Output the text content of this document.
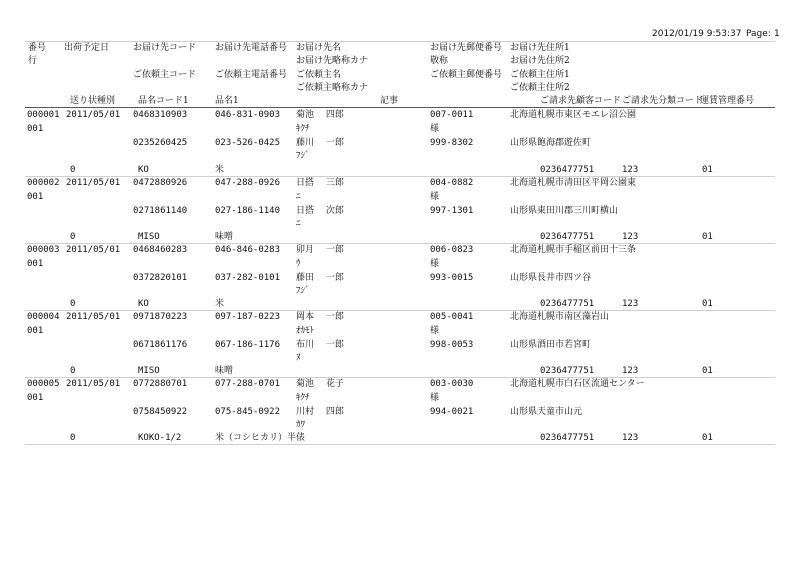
2012/01/19 9:53:37 Page: 1
番号 出荷予定日	お届け先コード お届け先電話番号 お届け先名	お届け先郵便番号 お届け先住所1
行	お届け先略称カナ	敬称	お届け先住所2
ご依頼主コード ご依頼主電話番号 ご依頼主名	ご依頼主郵便番号 ご依頼主住所1
ご依頼主略称カナ	ご依頼主住所2
送り状種別	品名コード1	品名1	記事	ご請求先顧客コード ご請求先分類コード
運賃管理番号
000001 2011/05/01 0468310903	046-831-0903 菊池　 四郎	007-0011	北海道札幌市東区モエレ沼公園
001	ｷｸﾁ	様
0235260425	023-526-0425 藤川　 一郎	999-8302	山形県飽海郡遊佐町
ﾌｼﾞ
0	KO	米	0236477751	123	01
000002 2011/05/01 0472880926	047-288-0926 日搭　 三郎	004-0882	北海道札幌市清田区平岡公園東
001	ﾆ	様
0271861140	027-186-1140 日搭　 次郎	997-1301	山形県東田川郡三川町横山
ﾆ
0	MISO	味噌	0236477751	123	01
000003 2011/05/01 0468460283	046-846-0283 卯月　 一郎	006-0823	北海道札幌市手稲区前田十三条
001	ｳ	様
0372820101	037-282-0101 藤田　 一郎	993-0015	山形県長井市四ツ谷
ﾌｼﾞ
0	KO	米	0236477751	123	01
000004 2011/05/01 0971870223	097-187-0223 岡本　 一郎	005-0041	北海道札幌市南区藻岩山
001	ｵｶﾓﾄ	様
0671861176	067-186-1176 布川　 一郎	998-0053	山形県酒田市若宮町
ﾇ
0	MISO	味噌	0236477751	123	01
000005 2011/05/01 0772880701	077-288-0701 菊池　 花子	003-0030	北海道札幌市白石区流通センター
001	ｷｸﾁ	様
0758450922	075-845-0922 川村　 四郎	994-0021	山形県天童市山元
ｶﾜ
0	KOKO-1/2	米（コシヒカリ）半俵	0236477751	123	01
